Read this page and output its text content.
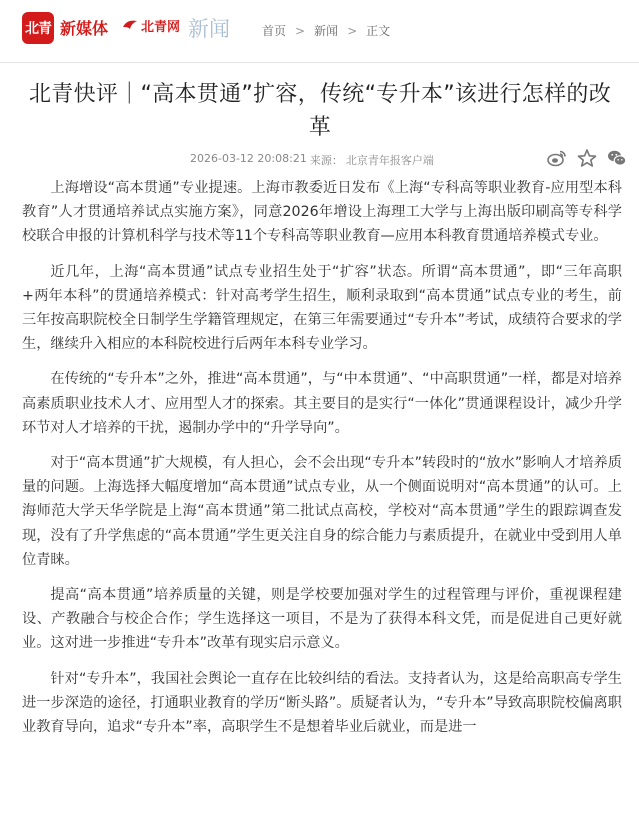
北青 新媒体	北青网 新闻	首页 > 新闻 > 正文
北青快评｜“高本贯通”扩容，传统“专升本”该进行怎样的改革
2026-03-12 20:08:21 来源： 北京青年报客户端

上海增设“高本贯通”专业提速。上海市教委近日发布《上海“专科高等职业教育-应用型本科教育”人才贯通培养试点实施方案》，同意2026年增设上海理工大学与上海出版印刷高等专科学校联合申报的计算机科学与技术等11个专科高等职业教育—应用本科教育贯通培养模式专业。

近几年，上海“高本贯通”试点专业招生处于“扩容”状态。所谓“高本贯通”，即“三年高职+两年本科”的贯通培养模式：针对高考学生招生，顺利录取到“高本贯通”试点专业的考生，前三年按高职院校全日制学生学籍管理规定，在第三年需要通过“专升本”考试，成绩符合要求的学生，继续升入相应的本科院校进行后两年本科专业学习。

在传统的“专升本”之外，推进“高本贯通”，与“中本贯通”、“中高职贯通”一样，都是对培养高素质职业技术人才、应用型人才的探索。其主要目的是实行“一体化”贯通课程设计，减少升学环节对人才培养的干扰，遏制办学中的“升学导向”。

对于“高本贯通”扩大规模，有人担心，会不会出现“专升本”转段时的“放水”影响人才培养质量的问题。上海选择大幅度增加“高本贯通”试点专业，从一个侧面说明对“高本贯通”的认可。上海师范大学天华学院是上海“高本贯通”第二批试点高校，学校对“高本贯通”学生的跟踪调查发现，没有了升学焦虑的“高本贯通”学生更关注自身的综合能力与素质提升，在就业中受到用人单位青睐。

提高“高本贯通”培养质量的关键，则是学校要加强对学生的过程管理与评价，重视课程建设、产教融合与校企合作；学生选择这一项目，不是为了获得本科文凭，而是促进自己更好就业。这对进一步推进“专升本”改革有现实启示意义。

针对“专升本”，我国社会舆论一直存在比较纠结的看法。支持者认为，这是给高职高专学生进一步深造的途径，打通职业教育的学历“断头路”。质疑者认为，“专升本”导致高职院校偏离职业教育导向，追求“专升本”率，高职学生不是想着毕业后就业，而是进一
